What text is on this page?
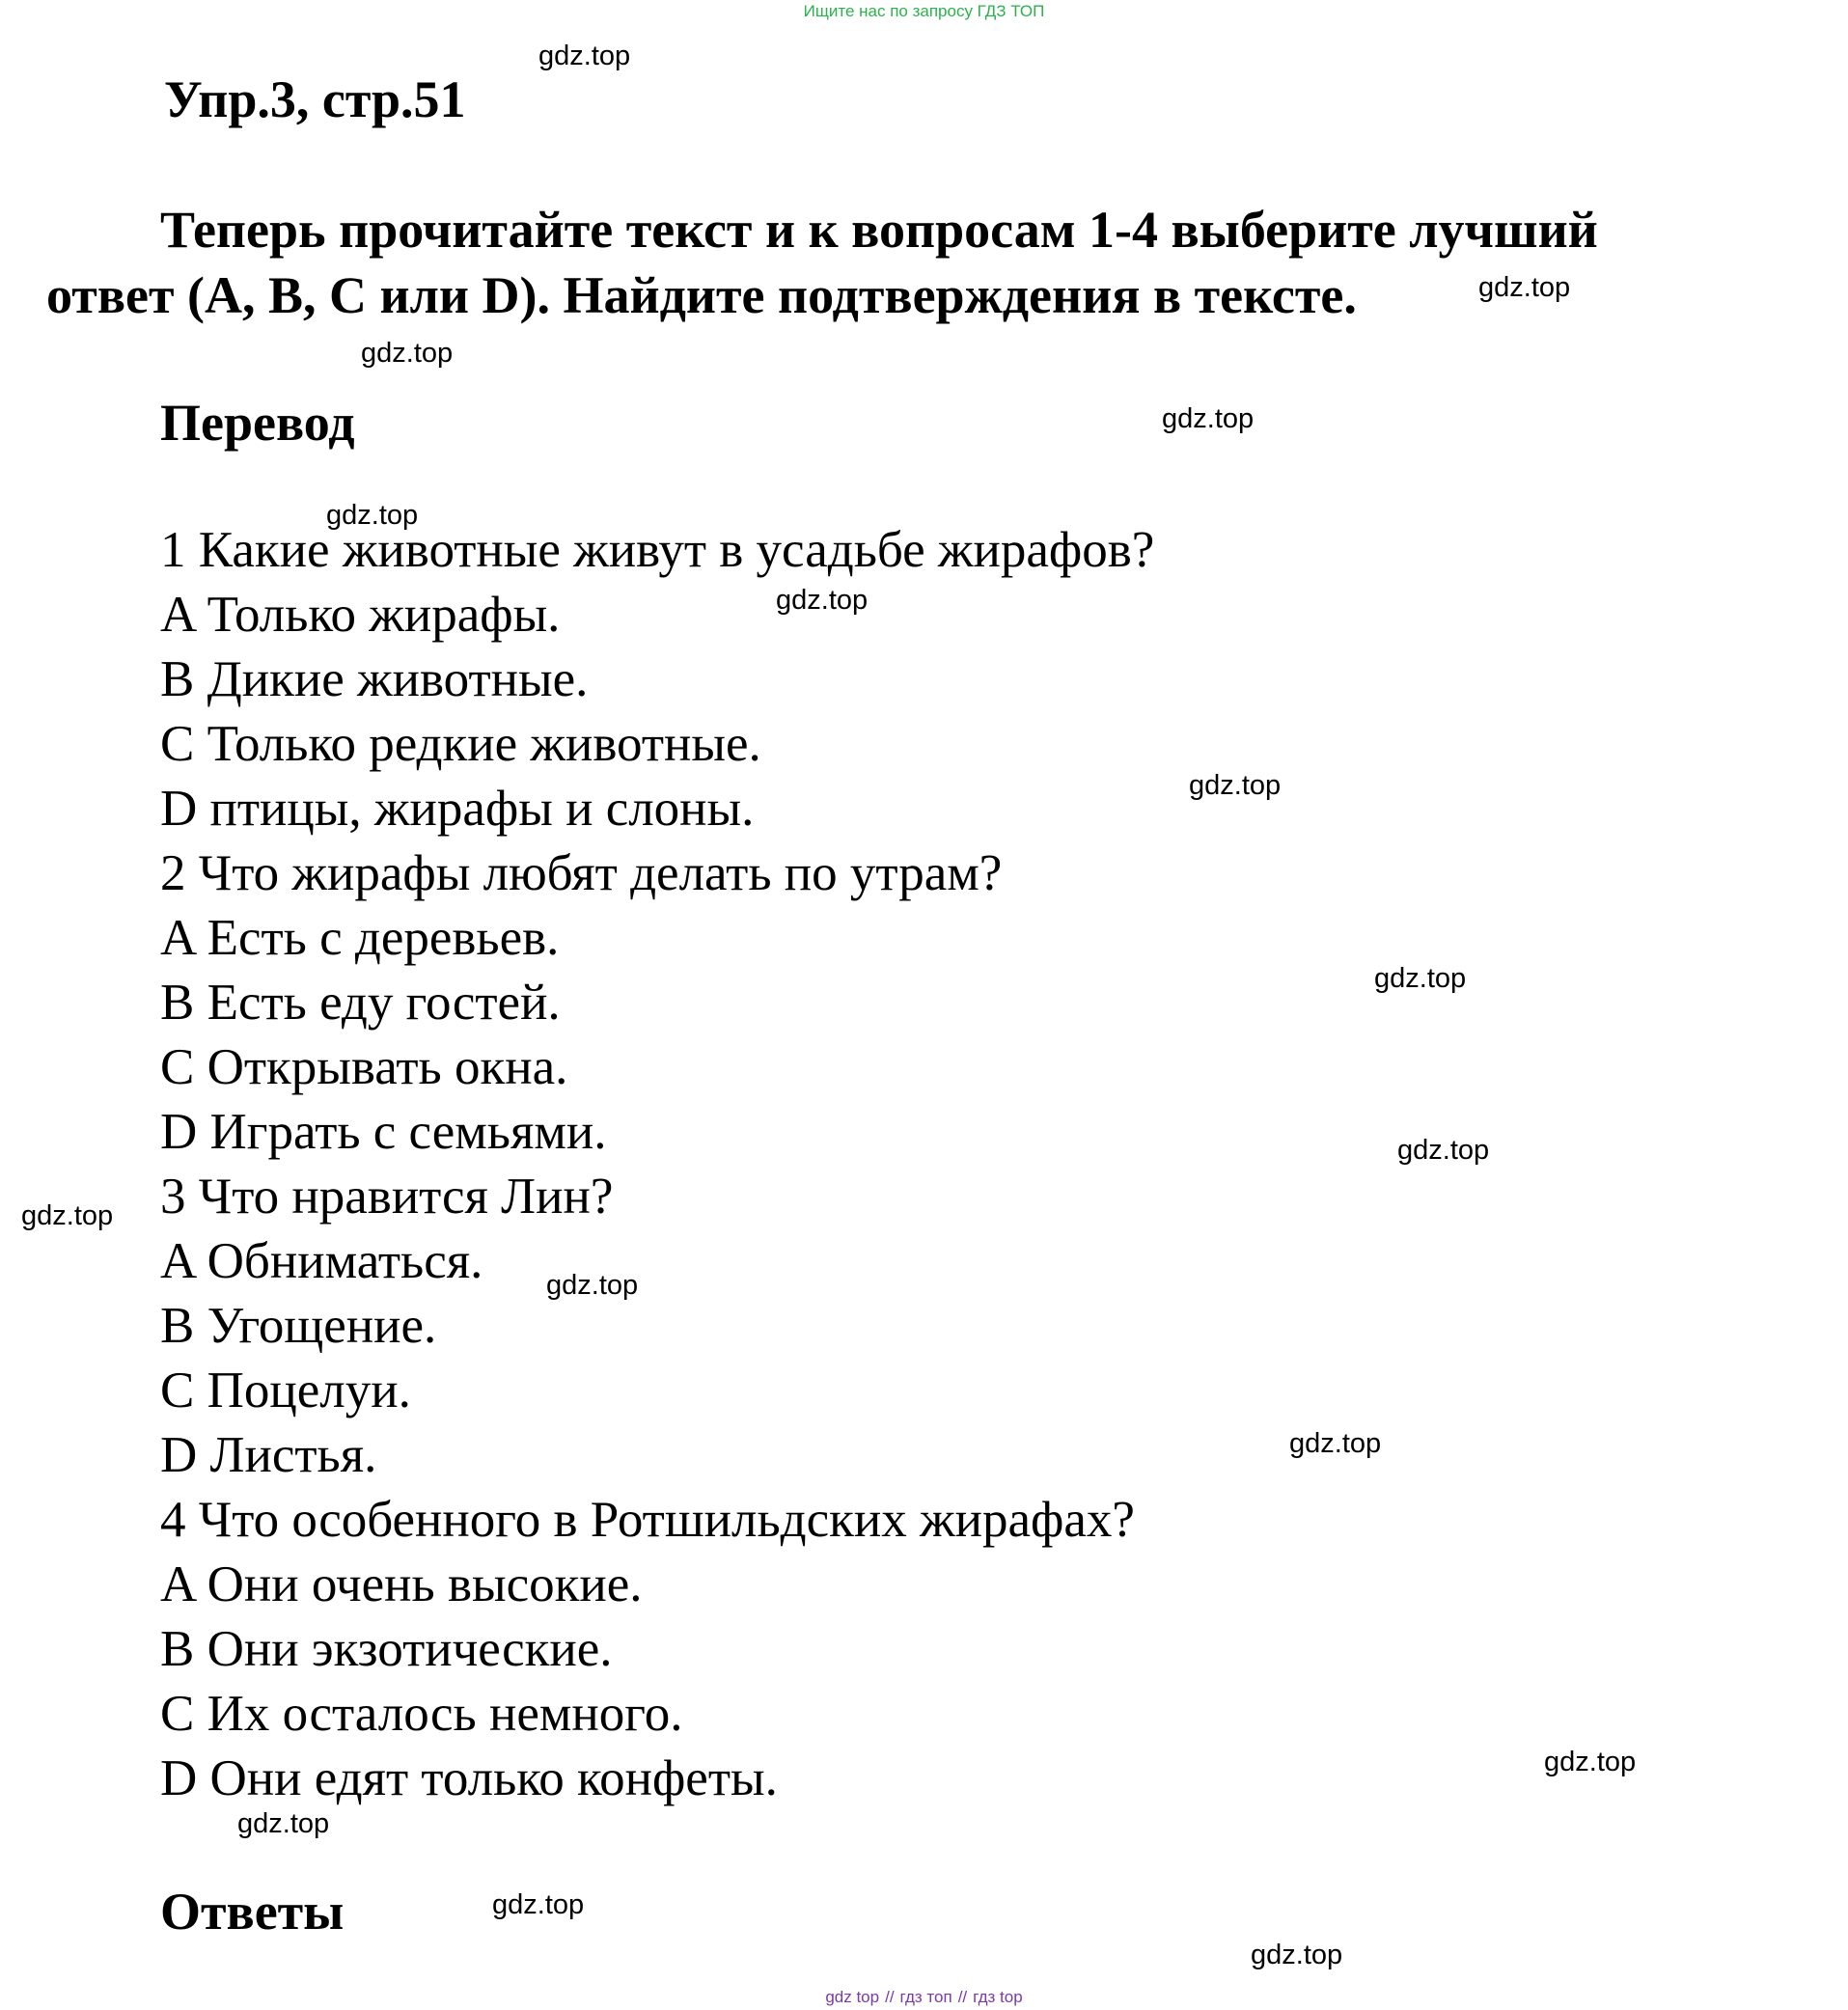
Ищите нас по запросу ГДЗ ТОП
Упр.3, стр.51
Теперь прочитайте текст и к вопросам 1-4 выберите лучший
ответ (A, B, C или D). Найдите подтверждения в тексте.
Перевод
1 Какие животные живут в усадьбе жирафов?
A Только жирафы.
B Дикие животные.
C Только редкие животные.
D птицы, жирафы и слоны.
2 Что жирафы любят делать по утрам?
A Есть с деревьев.
B Есть еду гостей.
C Открывать окна.
D Играть с семьями.
3 Что нравится Лин?
A Обниматься.
B Угощение.
C Поцелуи.
D Листья.
4 Что особенного в Ротшильдских жирафах?
A Они очень высокие.
B Они экзотические.
C Их осталось немного.
D Они едят только конфеты.
Ответы
gdz.top
gdz.top
gdz.top
gdz.top
gdz.top
gdz.top
gdz.top
gdz.top
gdz.top
gdz.top
gdz.top
gdz.top
gdz.top
gdz.top
gdz.top
gdz.top
gdz top // гдз топ // гдз top
